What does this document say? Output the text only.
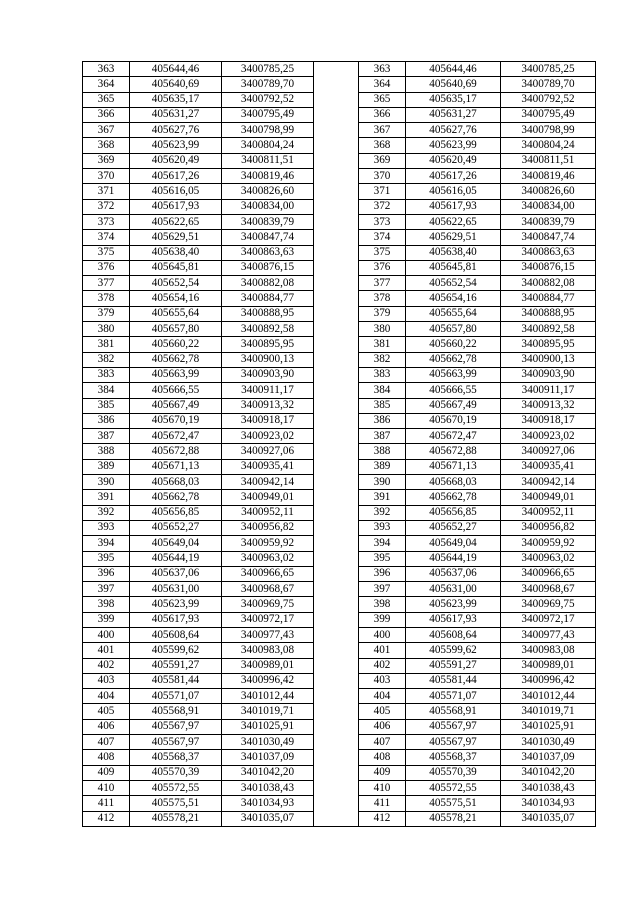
363	405644,46	3400785,25		363	405644,46	3400785,25
364	405640,69	3400789,70		364	405640,69	3400789,70
365	405635,17	3400792,52		365	405635,17	3400792,52
366	405631,27	3400795,49		366	405631,27	3400795,49
367	405627,76	3400798,99		367	405627,76	3400798,99
368	405623,99	3400804,24		368	405623,99	3400804,24
369	405620,49	3400811,51		369	405620,49	3400811,51
370	405617,26	3400819,46		370	405617,26	3400819,46
371	405616,05	3400826,60		371	405616,05	3400826,60
372	405617,93	3400834,00		372	405617,93	3400834,00
373	405622,65	3400839,79		373	405622,65	3400839,79
374	405629,51	3400847,74		374	405629,51	3400847,74
375	405638,40	3400863,63		375	405638,40	3400863,63
376	405645,81	3400876,15		376	405645,81	3400876,15
377	405652,54	3400882,08		377	405652,54	3400882,08
378	405654,16	3400884,77		378	405654,16	3400884,77
379	405655,64	3400888,95		379	405655,64	3400888,95
380	405657,80	3400892,58		380	405657,80	3400892,58
381	405660,22	3400895,95		381	405660,22	3400895,95
382	405662,78	3400900,13		382	405662,78	3400900,13
383	405663,99	3400903,90		383	405663,99	3400903,90
384	405666,55	3400911,17		384	405666,55	3400911,17
385	405667,49	3400913,32		385	405667,49	3400913,32
386	405670,19	3400918,17		386	405670,19	3400918,17
387	405672,47	3400923,02		387	405672,47	3400923,02
388	405672,88	3400927,06		388	405672,88	3400927,06
389	405671,13	3400935,41		389	405671,13	3400935,41
390	405668,03	3400942,14		390	405668,03	3400942,14
391	405662,78	3400949,01		391	405662,78	3400949,01
392	405656,85	3400952,11		392	405656,85	3400952,11
393	405652,27	3400956,82		393	405652,27	3400956,82
394	405649,04	3400959,92		394	405649,04	3400959,92
395	405644,19	3400963,02		395	405644,19	3400963,02
396	405637,06	3400966,65		396	405637,06	3400966,65
397	405631,00	3400968,67		397	405631,00	3400968,67
398	405623,99	3400969,75		398	405623,99	3400969,75
399	405617,93	3400972,17		399	405617,93	3400972,17
400	405608,64	3400977,43		400	405608,64	3400977,43
401	405599,62	3400983,08		401	405599,62	3400983,08
402	405591,27	3400989,01		402	405591,27	3400989,01
403	405581,44	3400996,42		403	405581,44	3400996,42
404	405571,07	3401012,44		404	405571,07	3401012,44
405	405568,91	3401019,71		405	405568,91	3401019,71
406	405567,97	3401025,91		406	405567,97	3401025,91
407	405567,97	3401030,49		407	405567,97	3401030,49
408	405568,37	3401037,09		408	405568,37	3401037,09
409	405570,39	3401042,20		409	405570,39	3401042,20
410	405572,55	3401038,43		410	405572,55	3401038,43
411	405575,51	3401034,93		411	405575,51	3401034,93
412	405578,21	3401035,07		412	405578,21	3401035,07
